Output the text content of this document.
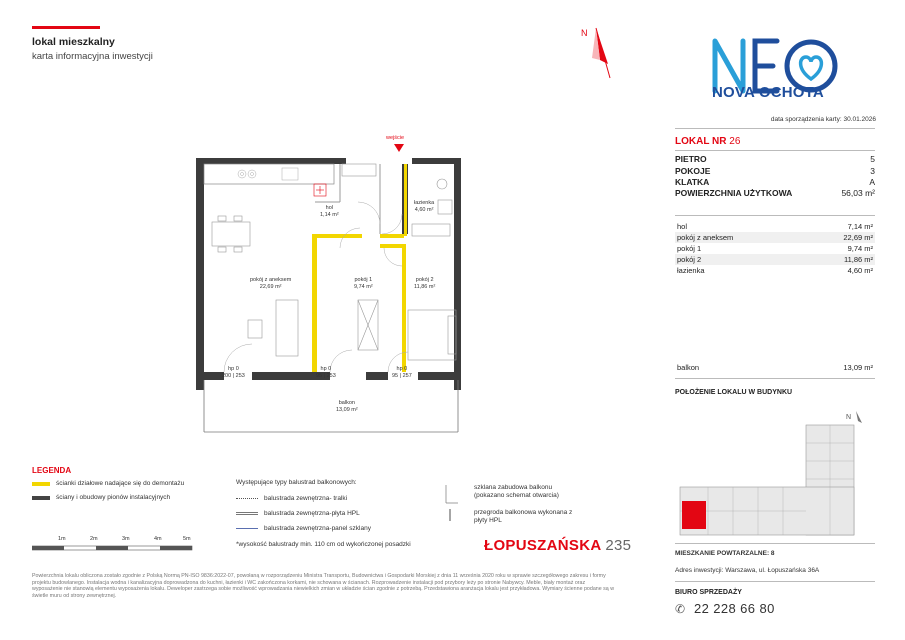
lokal mieszkalny
karta informacyjna inwestycji
N
NOVA OCHOTA
data sporządzenia karty: 30.01.2026
LOKAL NR 26
PIETRO	5
POKOJE	3
KLATKA	A
POWIERZCHNIA UŻYTKOWA	56,03 m²
hol	7,14 m²
pokój z aneksem	22,69 m²
pokój 1	9,74 m²
pokój 2	11,86 m²
łazienka	4,60 m²
balkon	13,09 m²
POŁOŻENIE LOKALU W BUDYNKU
N
MIESZKANIE POWTARZALNE: 8
Adres inwestycji: Warszawa, ul. Łopuszańska 36A
BIURO SPRZEDAŻY
✆ 22 228 66 80
wejście
hol
1,14 m²
łazienka
4,60 m²
pokój z aneksem
22,69 m²
pokój 1
9,74 m²
pokój 2
11,86 m²
balkon
13,09 m²
hp 0
200 | 253
hp 0
95 | 253
hp 0
95 | 257
LEGENDA
ścianki działowe nadające się do demontażu
ściany i obudowy pionów instalacyjnych
Występujące typy balustrad balkonowych:
balustrada zewnętrzna- tralki
balustrada zewnętrzna-płyta HPL
balustrada zewnętrzna-panel szklany
*wysokość balustrady min. 110 cm od wykończonej posadzki
szklana zabudowa balkonu (pokazano schemat otwarcia)
przegroda balkonowa wykonana z płyty HPL
1m	2m	3m	4m	5m	ŁOPUSZAŃSKA 235
Powierzchnia lokalu obliczona zostało zgodnie z Polską Normą PN-ISO 9836:2022-07, powołaną w rozporządzeniu Ministra Transportu, Budownictwa i Gospodarki Morskiej z dnia 11 września 2020 roku w sprawie szczegółowego zakresu i formy projektu budowlanego. Instalacja wodna i kanalizacyjna doprowadzona do kuchni, łazienki i WC zakończona korkami, nie schowana w ścianach. Rozprowadzenie instalacji pod przybory leży po stronie Nabywcy. Meble, biały montaż oraz wyposażenie nie stanowią elementu wyposażenia lokalu. Deweloper zastrzega sobie możliwość wprowadzania niewielkich zmian w układzie ścian zgodnie z potrzebą. Przedstawiona aranżacja lokalu jest przykładowa. Wymiary ścienne podane są w świetle muru od strony zewnętrznej.
